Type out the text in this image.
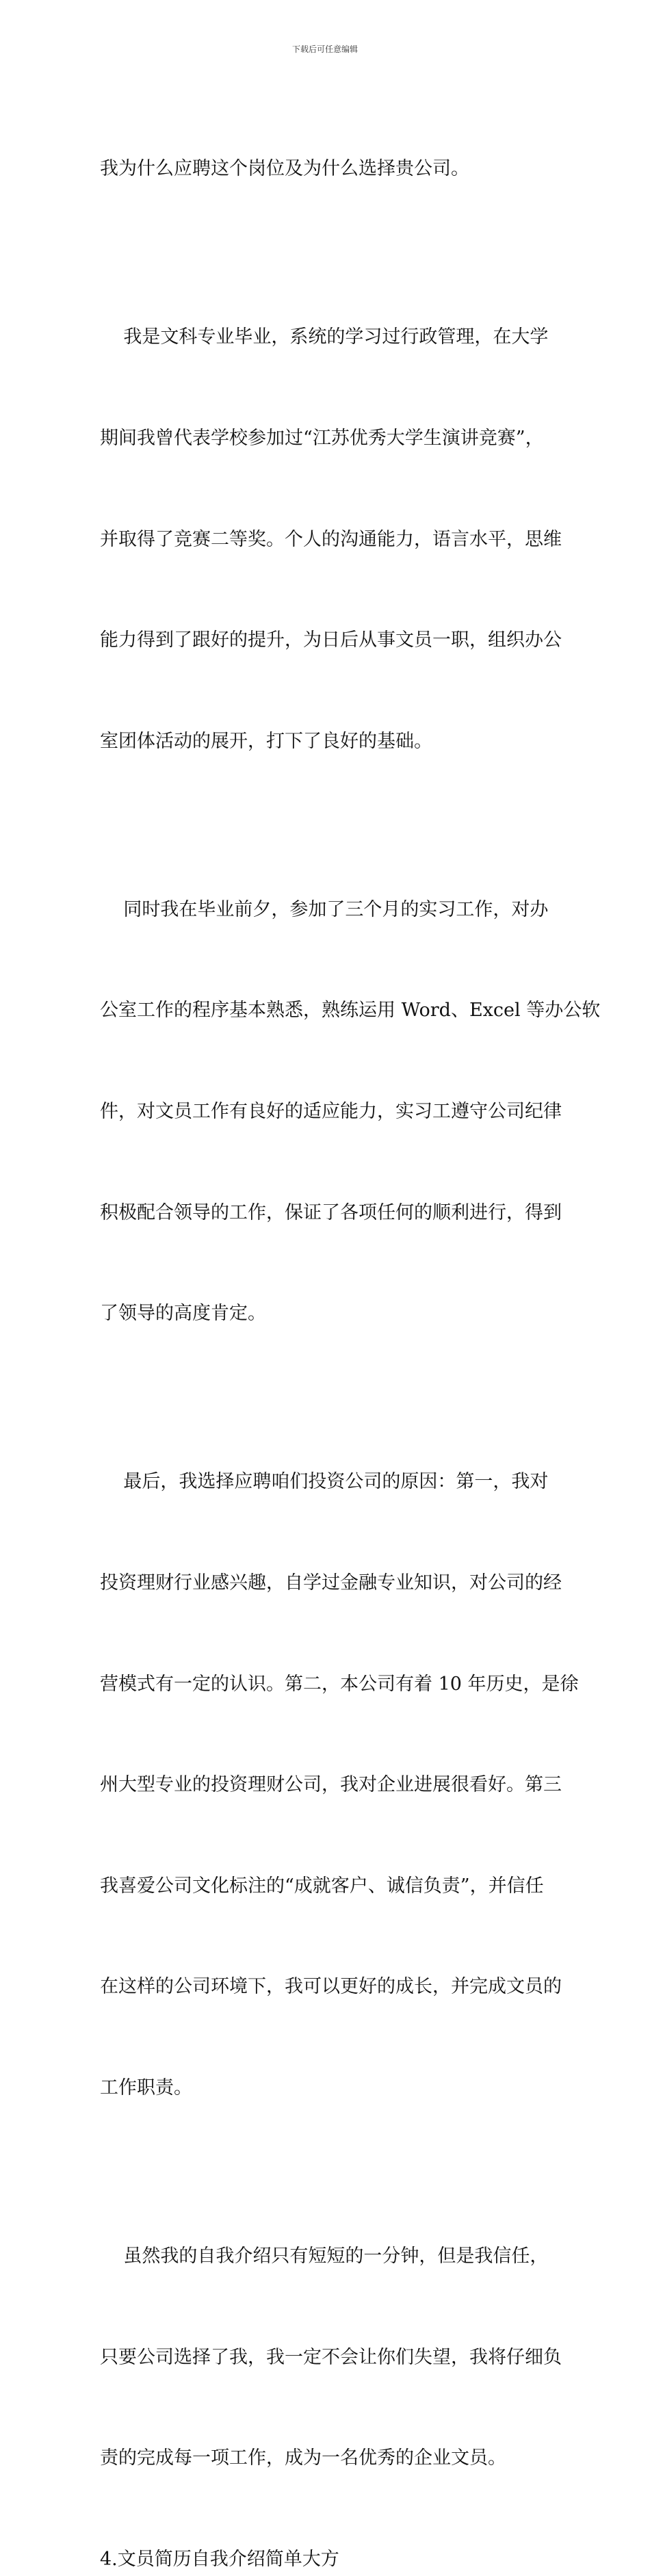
下载后可任意编辑

我为什么应聘这个岗位及为什么选择贵公司。

我是文科专业毕业，系统的学习过行政管理，在大学

期间我曾代表学校参加过“江苏优秀大学生演讲竞赛”，

并取得了竞赛二等奖。个人的沟通能力，语言水平，思维

能力得到了跟好的提升，为日后从事文员一职，组织办公

室团体活动的展开，打下了良好的基础。

同时我在毕业前夕，参加了三个月的实习工作，对办

公室工作的程序基本熟悉，熟练运用 Word、Excel 等办公软

件，对文员工作有良好的适应能力，实习工遵守公司纪律

积极配合领导的工作，保证了各项任何的顺利进行，得到

了领导的高度肯定。

最后，我选择应聘咱们投资公司的原因：第一，我对

投资理财行业感兴趣，自学过金融专业知识，对公司的经

营模式有一定的认识。第二，本公司有着 10 年历史，是徐

州大型专业的投资理财公司，我对企业进展很看好。第三

我喜爱公司文化标注的“成就客户、诚信负责”，并信任

在这样的公司环境下，我可以更好的成长，并完成文员的

工作职责。

虽然我的自我介绍只有短短的一分钟，但是我信任，

只要公司选择了我，我一定不会让你们失望，我将仔细负

责的完成每一项工作，成为一名优秀的企业文员。

4.文员简历自我介绍简单大方
